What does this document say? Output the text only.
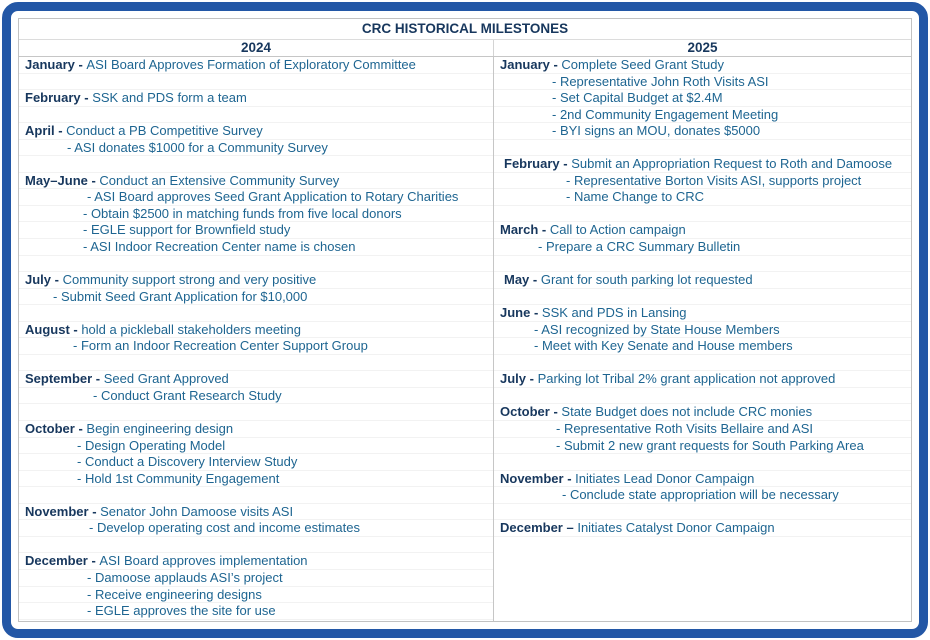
CRC HISTORICAL MILESTONES
2024	2025
January - ASI Board Approves Formation of Exploratory Committee
February - SSK and PDS form a team
April - Conduct a PB Competitive Survey
- ASI donates $1000 for a Community Survey
May–June - Conduct an Extensive Community Survey
- ASI Board approves Seed Grant Application to Rotary Charities
- Obtain $2500 in matching funds from five local donors
- EGLE support for Brownfield study
- ASI Indoor Recreation Center name is chosen
July - Community support strong and very positive
- Submit Seed Grant Application for $10,000
August - hold a pickleball stakeholders meeting
- Form an Indoor Recreation Center Support Group
September - Seed Grant Approved
- Conduct Grant Research Study
October - Begin engineering design
- Design Operating Model
- Conduct a Discovery Interview Study
- Hold 1st Community Engagement
November - Senator John Damoose visits ASI
- Develop operating cost and income estimates
December - ASI Board approves implementation
- Damoose applauds ASI’s project
- Receive engineering designs
- EGLE approves the site for use
January - Complete Seed Grant Study
- Representative John Roth Visits ASI
- Set Capital Budget at $2.4M
- 2nd Community Engagement Meeting
- BYI signs an MOU, donates $5000
February - Submit an Appropriation Request to Roth and Damoose
- Representative Borton Visits ASI, supports project
- Name Change to CRC
March - Call to Action campaign
- Prepare a CRC Summary Bulletin
May - Grant for south parking lot requested
June - SSK and PDS in Lansing
- ASI recognized by State House Members
- Meet with Key Senate and House members
July - Parking lot Tribal 2% grant application not approved
October - State Budget does not include CRC monies
- Representative Roth Visits Bellaire and ASI
- Submit 2 new grant requests for South Parking Area
November - Initiates Lead Donor Campaign
- Conclude state appropriation will be necessary
December – Initiates Catalyst Donor Campaign
